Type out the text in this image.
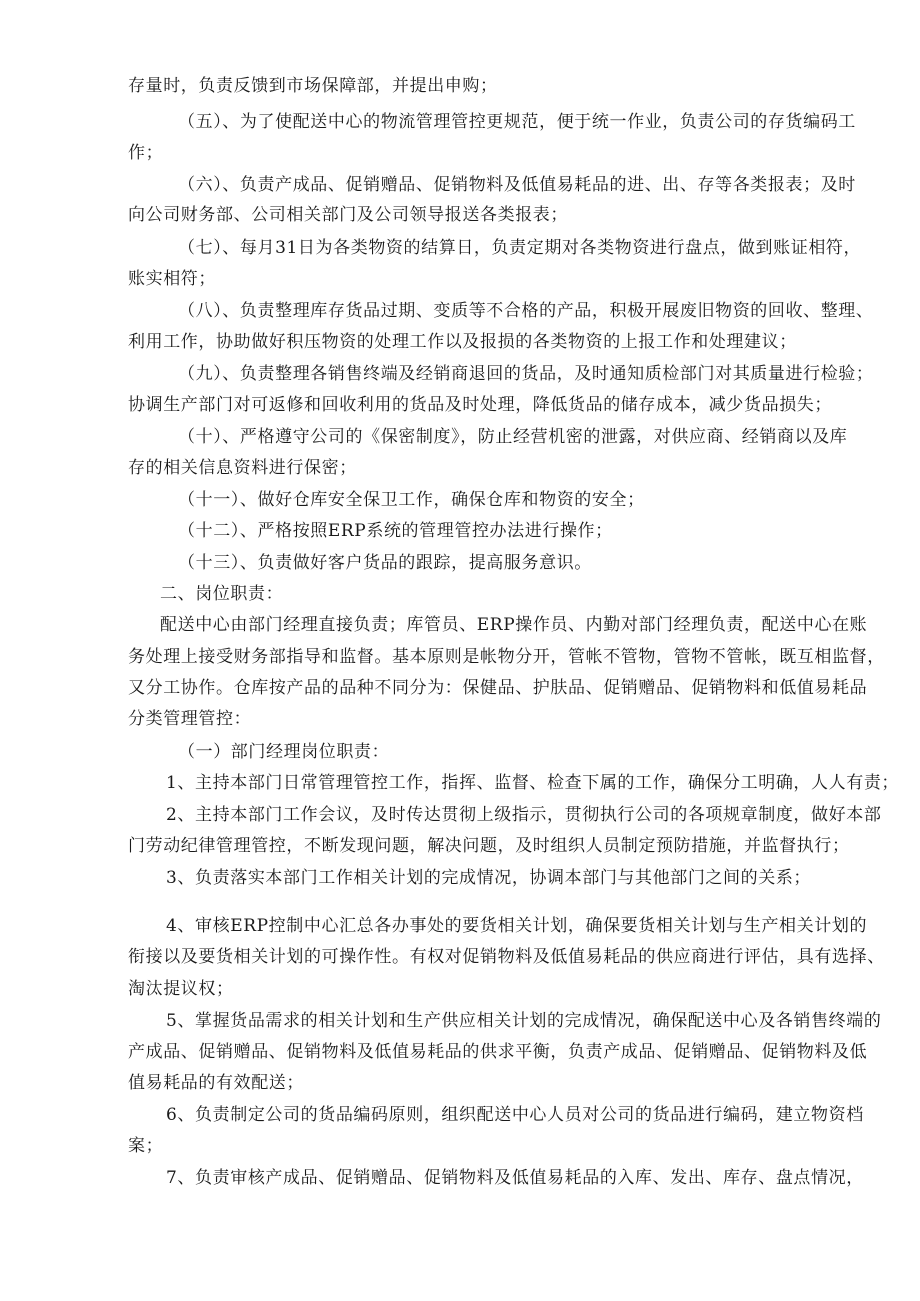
存量时，负责反馈到市场保障部，并提出申购；
（五）、为了使配送中心的物流管理管控更规范，便于统一作业，负责公司的存货编码工
作；
（六）、负责产成品、促销赠品、促销物料及低值易耗品的进、出、存等各类报表；及时
向公司财务部、公司相关部门及公司领导报送各类报表；
（七）、每月31日为各类物资的结算日，负责定期对各类物资进行盘点，做到账证相符，
账实相符；
（八）、负责整理库存货品过期、变质等不合格的产品，积极开展废旧物资的回收、整理、
利用工作，协助做好积压物资的处理工作以及报损的各类物资的上报工作和处理建议；
（九）、负责整理各销售终端及经销商退回的货品，及时通知质检部门对其质量进行检验；
协调生产部门对可返修和回收利用的货品及时处理，降低货品的储存成本，减少货品损失；
（十）、严格遵守公司的《保密制度》，防止经营机密的泄露，对供应商、经销商以及库
存的相关信息资料进行保密；
（十一）、做好仓库安全保卫工作，确保仓库和物资的安全；
（十二）、严格按照ERP系统的管理管控办法进行操作；
（十三）、负责做好客户货品的跟踪，提高服务意识。
二、岗位职责：
配送中心由部门经理直接负责；库管员、ERP操作员、内勤对部门经理负责，配送中心在账
务处理上接受财务部指导和监督。基本原则是帐物分开，管帐不管物，管物不管帐，既互相监督，
又分工协作。仓库按产品的品种不同分为：保健品、护肤品、促销赠品、促销物料和低值易耗品
分类管理管控：
（一）部门经理岗位职责：
1、主持本部门日常管理管控工作，指挥、监督、检查下属的工作，确保分工明确，人人有责；
2、主持本部门工作会议，及时传达贯彻上级指示，贯彻执行公司的各项规章制度，做好本部
门劳动纪律管理管控，不断发现问题，解决问题，及时组织人员制定预防措施，并监督执行；
3、负责落实本部门工作相关计划的完成情况，协调本部门与其他部门之间的关系；
4、审核ERP控制中心汇总各办事处的要货相关计划，确保要货相关计划与生产相关计划的
衔接以及要货相关计划的可操作性。有权对促销物料及低值易耗品的供应商进行评估，具有选择、
淘汰提议权；
5、掌握货品需求的相关计划和生产供应相关计划的完成情况，确保配送中心及各销售终端的
产成品、促销赠品、促销物料及低值易耗品的供求平衡，负责产成品、促销赠品、促销物料及低
值易耗品的有效配送；
6、负责制定公司的货品编码原则，组织配送中心人员对公司的货品进行编码，建立物资档
案；
7、负责审核产成品、促销赠品、促销物料及低值易耗品的入库、发出、库存、盘点情况，
